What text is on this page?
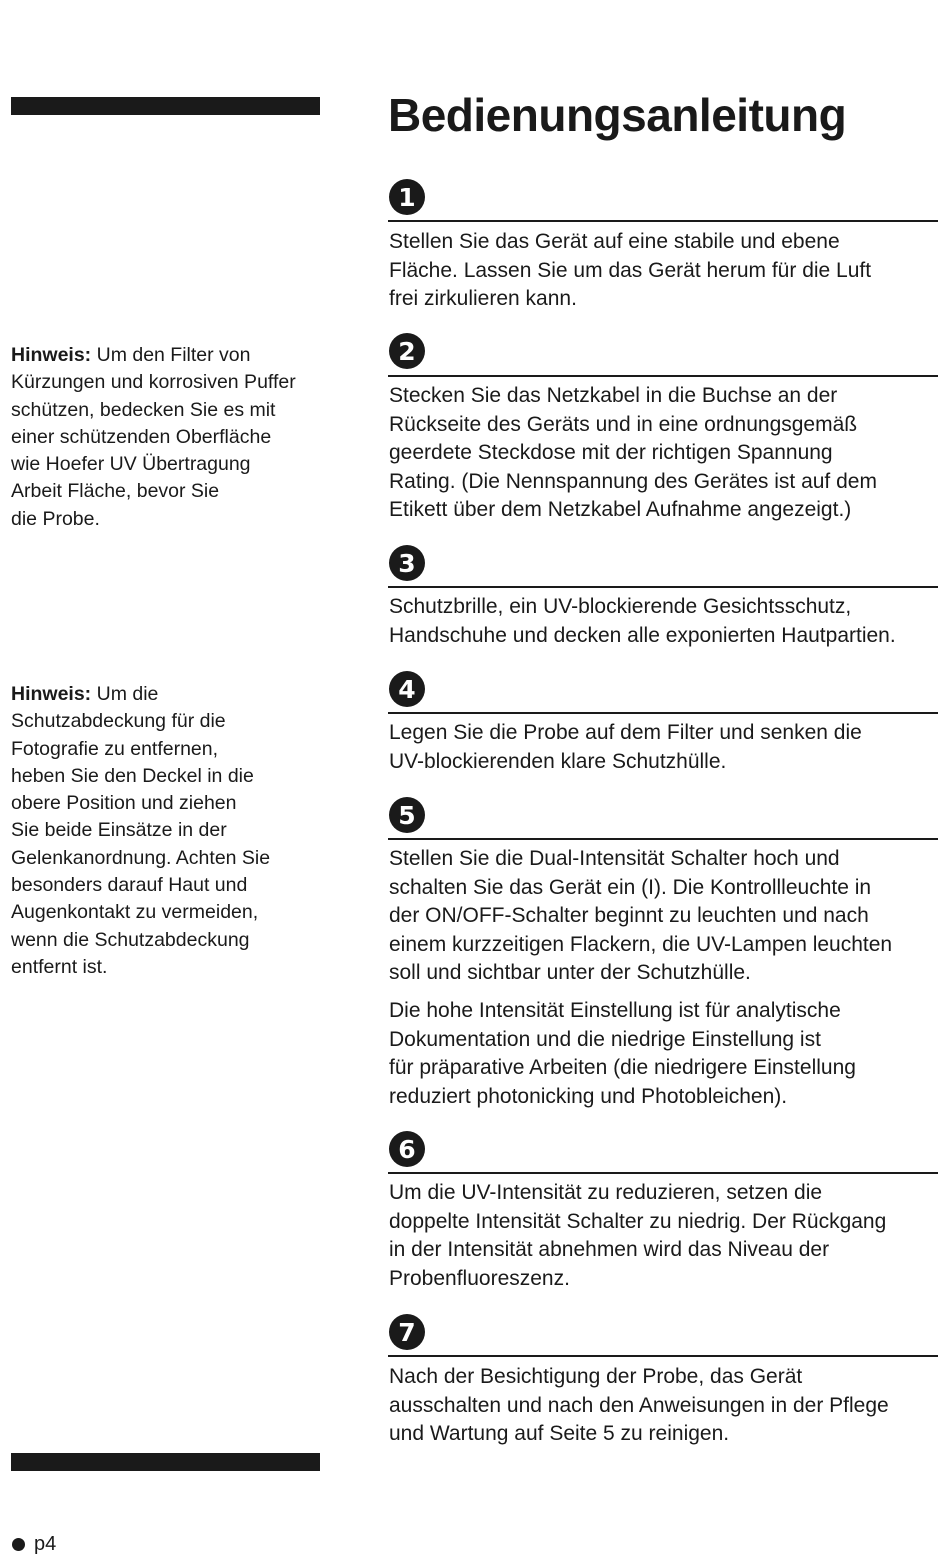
Bedienungsanleitung

Hinweis: Um den Filter von
Kürzungen und korrosiven Puffer
schützen, bedecken Sie es mit
einer schützenden Oberfläche
wie Hoefer UV Übertragung
Arbeit Fläche, bevor Sie
die Probe.

Hinweis: Um die
Schutzabdeckung für die
Fotografie zu entfernen,
heben Sie den Deckel in die
obere Position und ziehen
Sie beide Einsätze in der
Gelenkanordnung. Achten Sie
besonders darauf Haut und
Augenkontakt zu vermeiden,
wenn die Schutzabdeckung
entfernt ist.

1

Stellen Sie das Gerät auf eine stabile und ebene
Fläche. Lassen Sie um das Gerät herum für die Luft
frei zirkulieren kann.

2

Stecken Sie das Netzkabel in die Buchse an der
Rückseite des Geräts und in eine ordnungsgemäß
geerdete Steckdose mit der richtigen Spannung
Rating. (Die Nennspannung des Gerätes ist auf dem
Etikett über dem Netzkabel Aufnahme angezeigt.)

3

Schutzbrille, ein UV-blockierende Gesichtsschutz,
Handschuhe und decken alle exponierten Hautpartien.

4

Legen Sie die Probe auf dem Filter und senken die
UV-blockierenden klare Schutzhülle.

5

Stellen Sie die Dual-Intensität Schalter hoch und
schalten Sie das Gerät ein (I). Die Kontrollleuchte in
der ON/OFF-Schalter beginnt zu leuchten und nach
einem kurzzeitigen Flackern, die UV-Lampen leuchten
soll und sichtbar unter der Schutzhülle.

Die hohe Intensität Einstellung ist für analytische
Dokumentation und die niedrige Einstellung ist
für präparative Arbeiten (die niedrigere Einstellung
reduziert photonicking und Photobleichen).

6

Um die UV-Intensität zu reduzieren, setzen die
doppelte Intensität Schalter zu niedrig. Der Rückgang
in der Intensität abnehmen wird das Niveau der
Probenfluoreszenz.

7

Nach der Besichtigung der Probe, das Gerät
ausschalten und nach den Anweisungen in der Pflege
und Wartung auf Seite 5 zu reinigen.

p4
